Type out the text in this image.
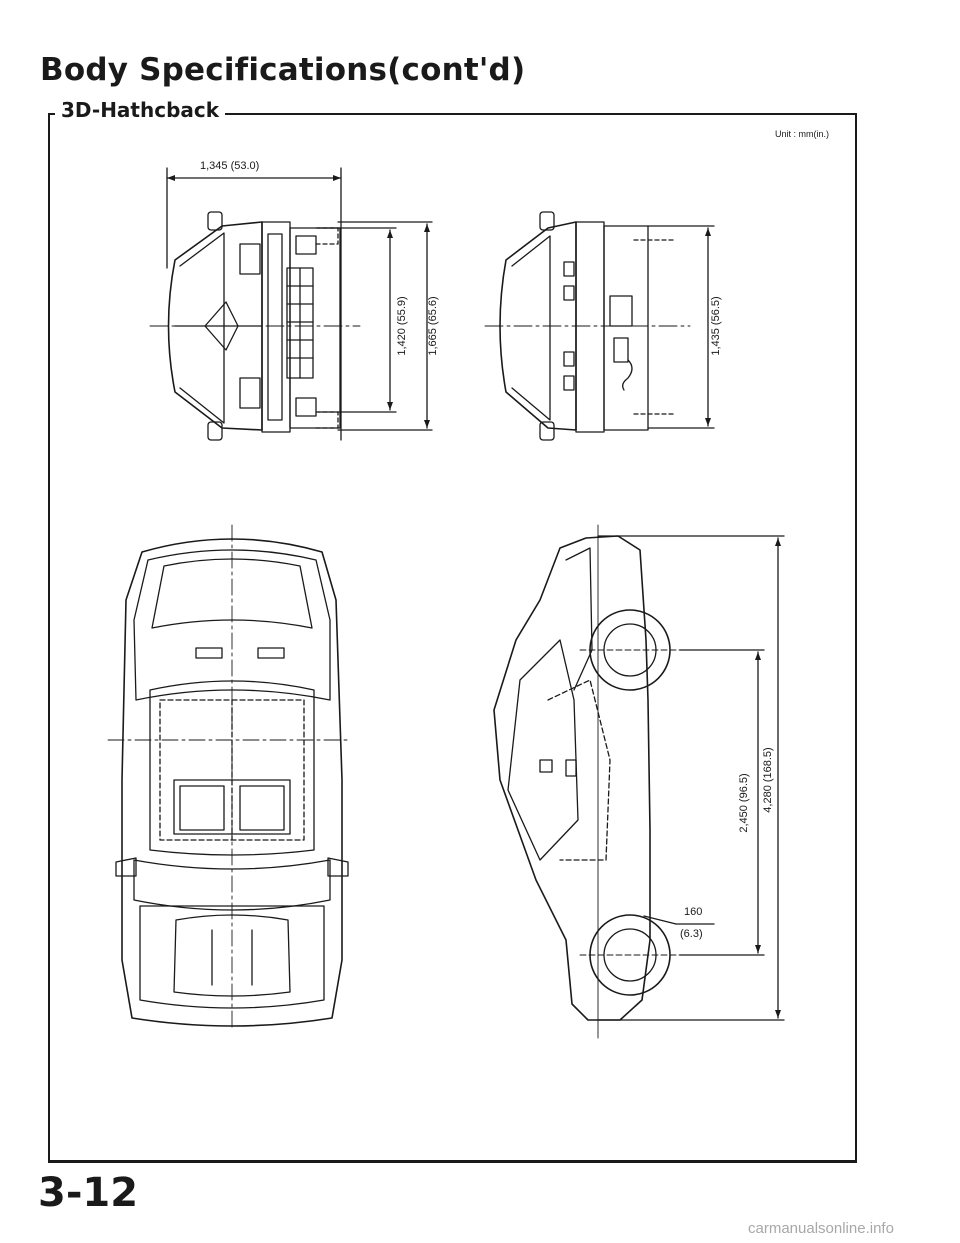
Body Specifications(cont'd)
3D-Hathcback
Unit : mm(in.)
1,345 (53.0)
1,420 (55.9) 1,665 (65.6)	1,435 (56.5)
2,450 (96.5) 4,280 (168.5)
160
(6.3)
3-12
carmanualsonline.info
